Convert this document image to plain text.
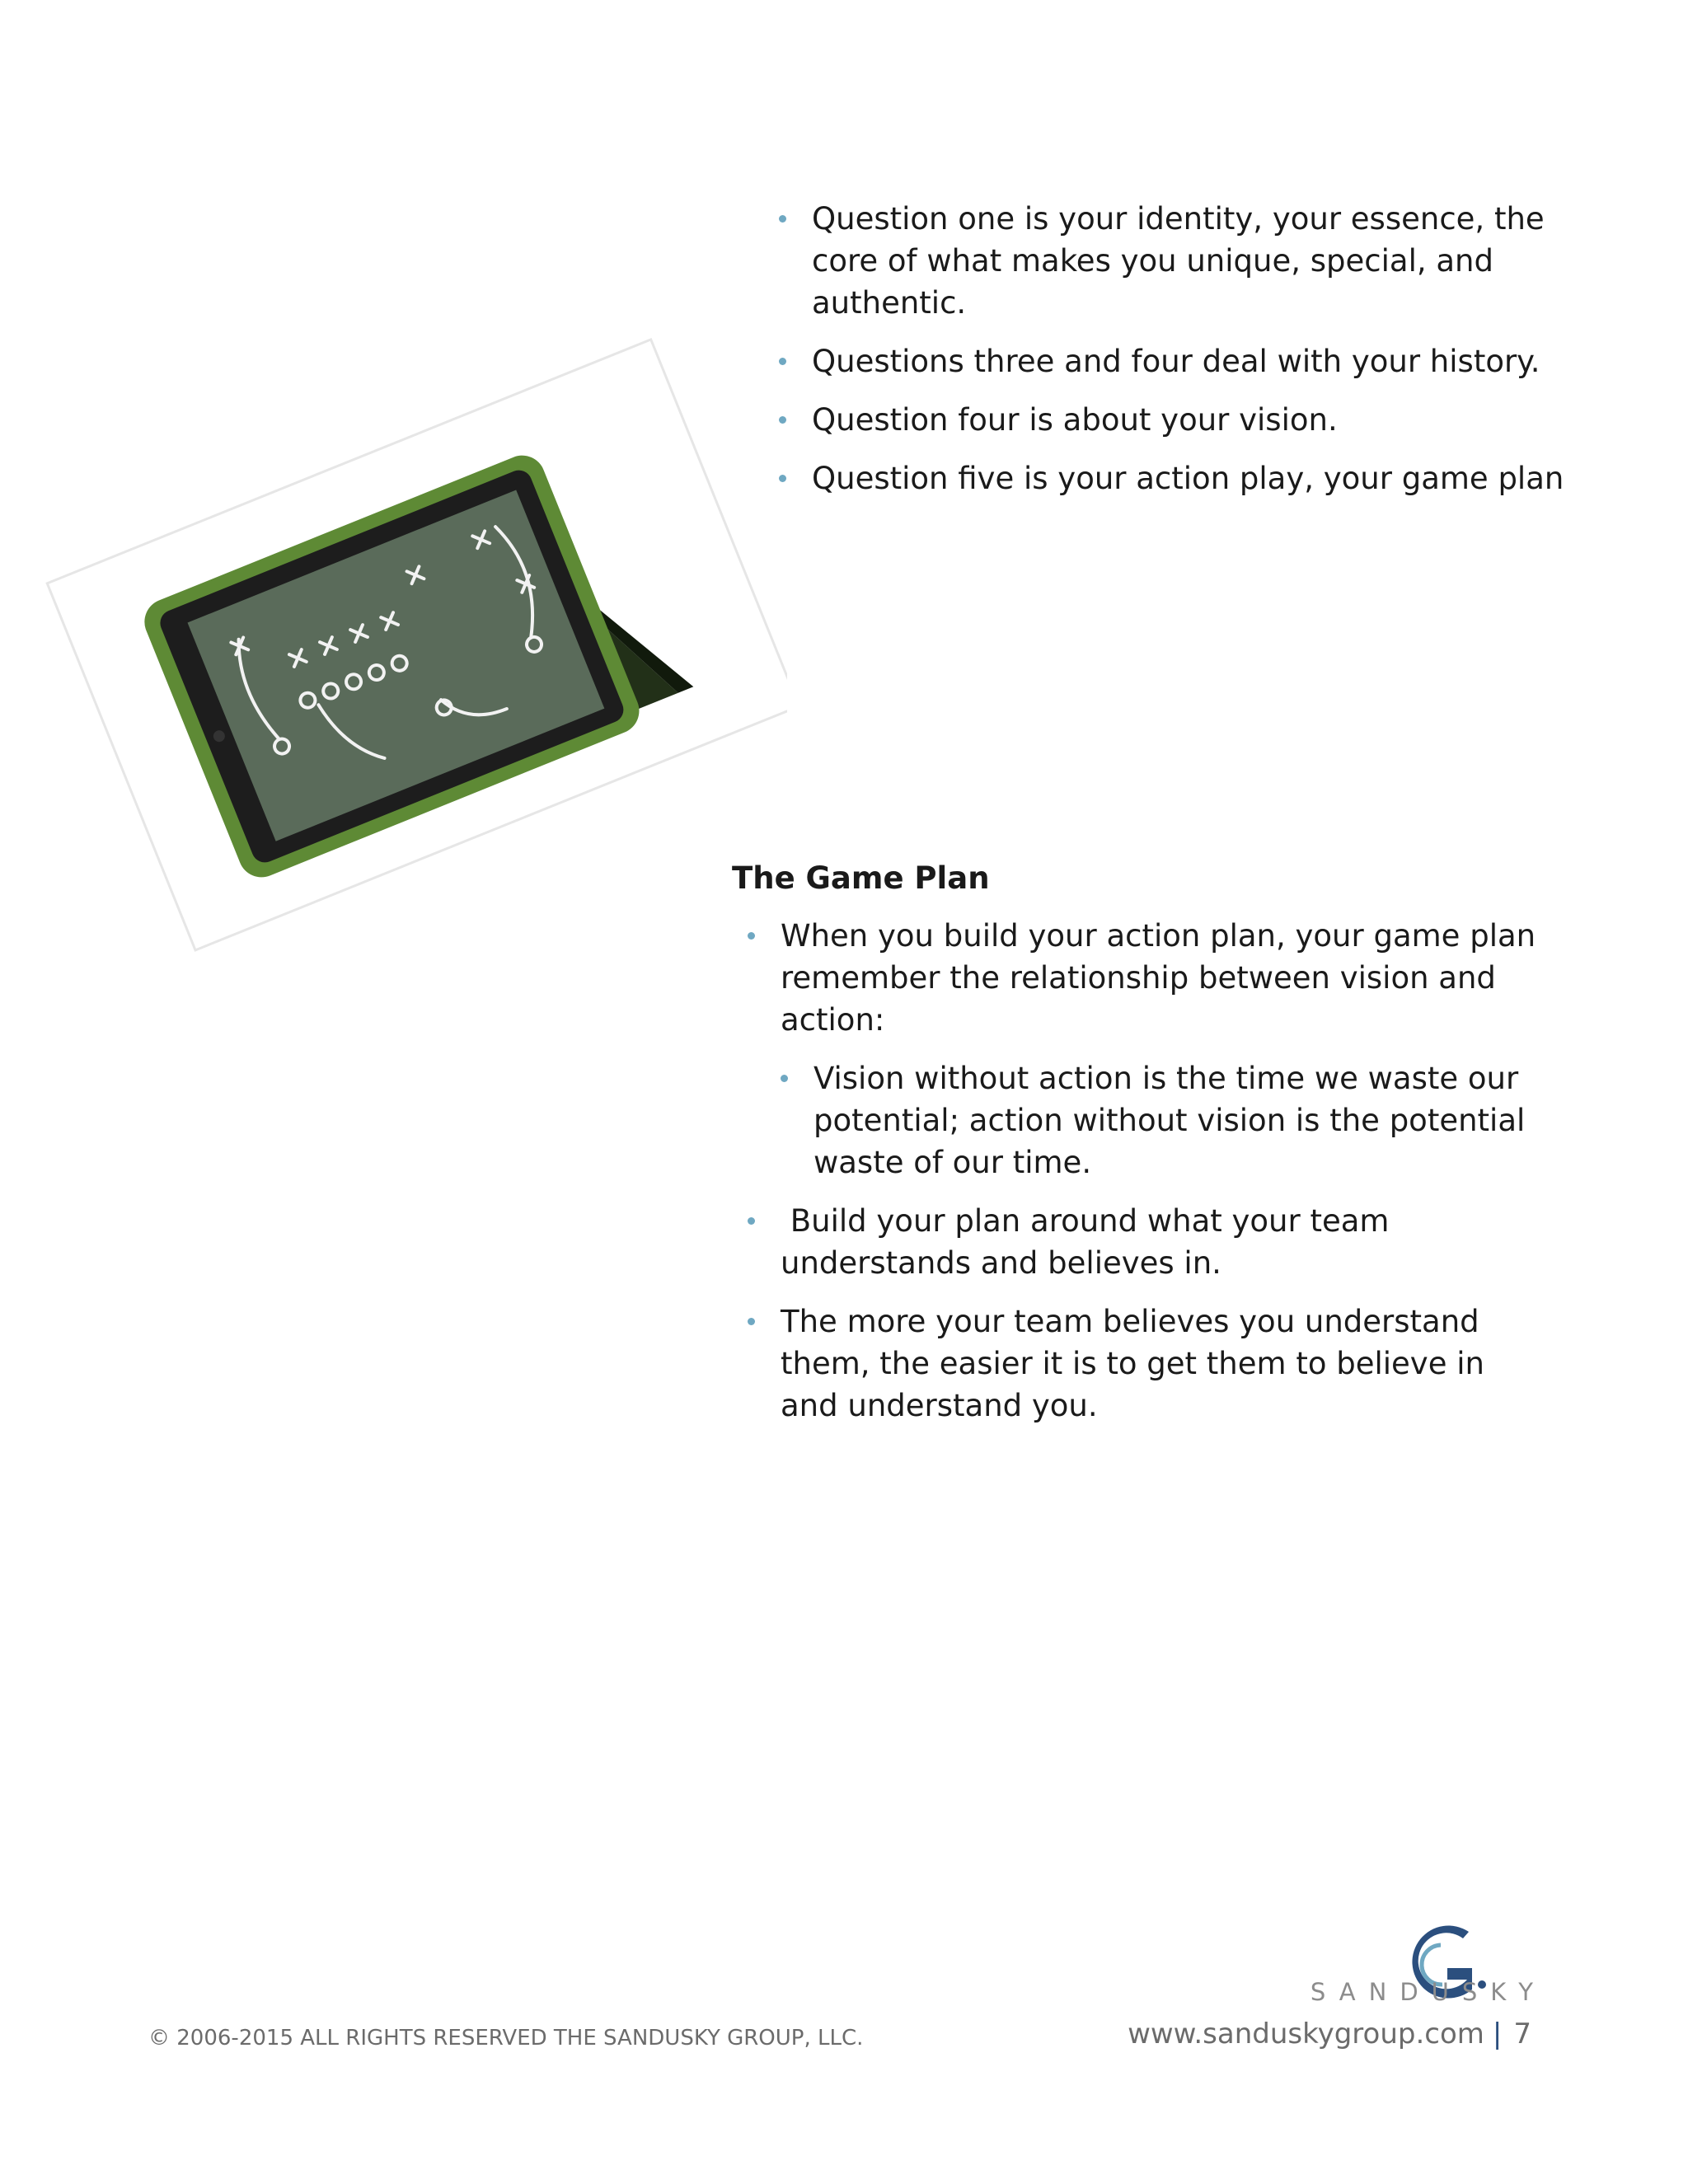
Question one is your identity, your essence, the core of what makes you unique, special, and authentic.
Questions three and four deal with your history.
Question four is about your vision.
Question five is your action play, your game plan
The Game Plan
When you build your action plan, your game plan remember the relationship between vision and action:
Vision without action is the time we waste our potential; action without vision is the potential waste of our time.
Build your plan around what your team understands and believes in.
The more your team believes you understand them, the easier it is to get them to believe in and understand you.
© 2006-2015 ALL RIGHTS RESERVED THE SANDUSKY GROUP, LLC.
SANDUSKY
www.sanduskygroup.com | 7
